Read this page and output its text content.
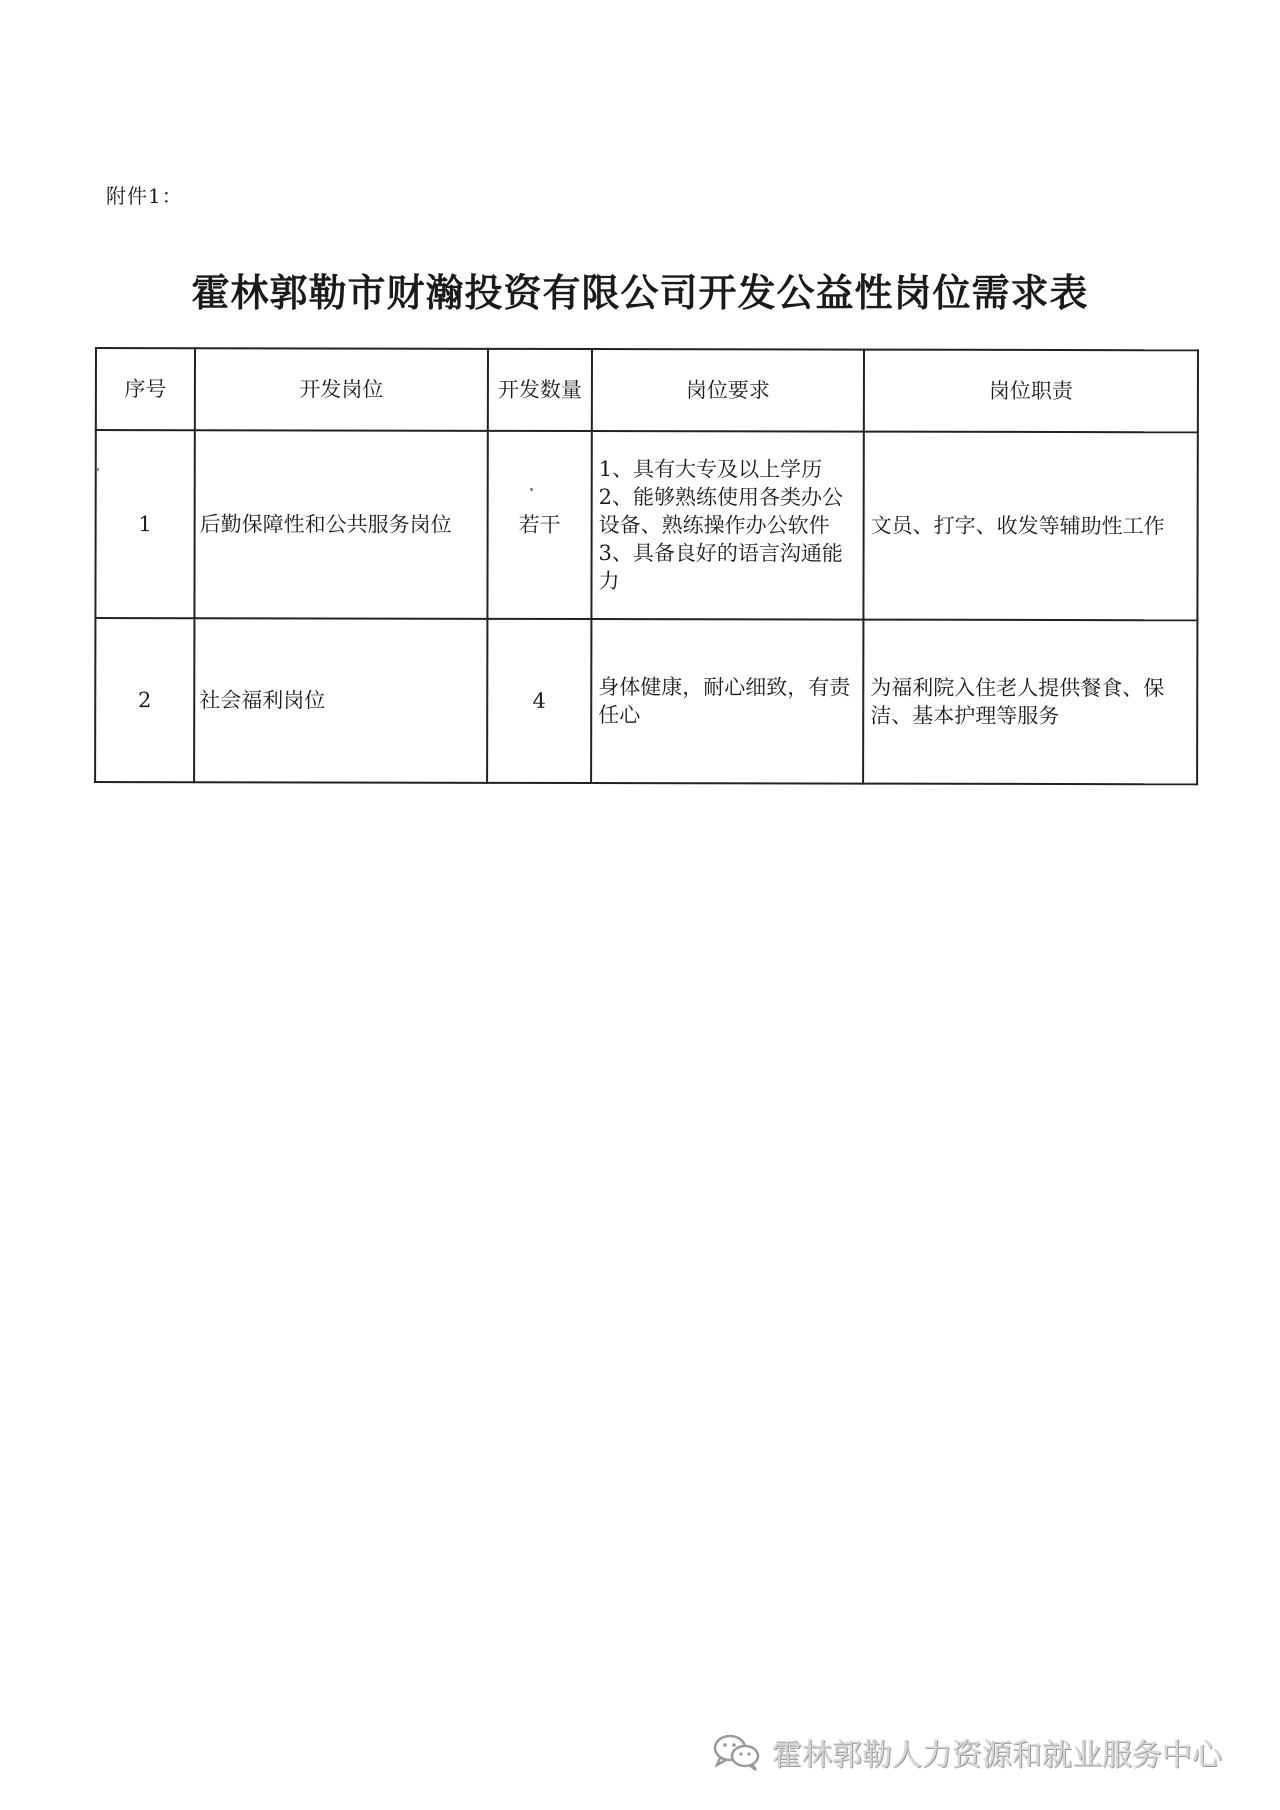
附件1：
霍林郭勒市财瀚投资有限公司开发公益性岗位需求表
序号	开发岗位	开发数量	岗位要求	岗位职责
1	后勤保障性和公共服务岗位	若干	1、具有大专及以上学历
2、能够熟练使用各类办公设备、熟练操作办公软件
3、具备良好的语言沟通能力	文员、打字、收发等辅助性工作
2	社会福利岗位	4	身体健康，耐心细致，有责任心	为福利院入住老人提供餐食、保洁、基本护理等服务
霍林郭勒人力资源和就业服务中心
